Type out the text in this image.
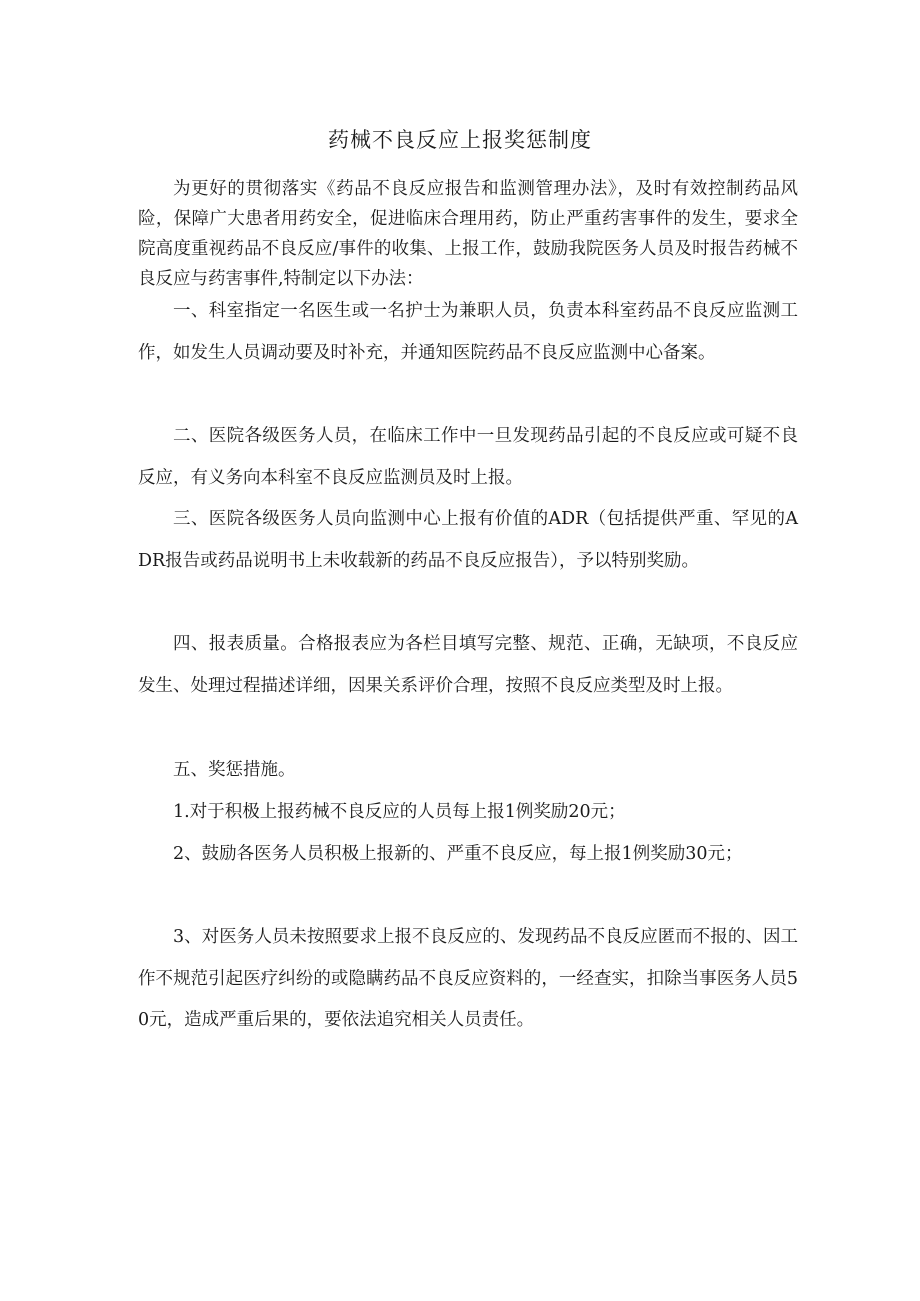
药械不良反应上报奖惩制度

为更好的贯彻落实《药品不良反应报告和监测管理办法》，及时有效控制药品风险，保障广大患者用药安全，促进临床合理用药，防止严重药害事件的发生，要求全院高度重视药品不良反应/事件的收集、上报工作，鼓励我院医务人员及时报告药械不良反应与药害事件,特制定以下办法：

一、科室指定一名医生或一名护士为兼职人员，负责本科室药品不良反应监测工作，如发生人员调动要及时补充，并通知医院药品不良反应监测中心备案。

二、医院各级医务人员，在临床工作中一旦发现药品引起的不良反应或可疑不良反应，有义务向本科室不良反应监测员及时上报。

三、医院各级医务人员向监测中心上报有价值的ADR（包括提供严重、罕见的ADR报告或药品说明书上未收载新的药品不良反应报告），予以特别奖励。

四、报表质量。合格报表应为各栏目填写完整、规范、正确，无缺项，不良反应发生、处理过程描述详细，因果关系评价合理，按照不良反应类型及时上报。

五、奖惩措施。

1.对于积极上报药械不良反应的人员每上报1例奖励20元；

2、鼓励各医务人员积极上报新的、严重不良反应，每上报1例奖励30元；

3、对医务人员未按照要求上报不良反应的、发现药品不良反应匿而不报的、因工作不规范引起医疗纠纷的或隐瞒药品不良反应资料的，一经查实，扣除当事医务人员50元，造成严重后果的，要依法追究相关人员责任。
